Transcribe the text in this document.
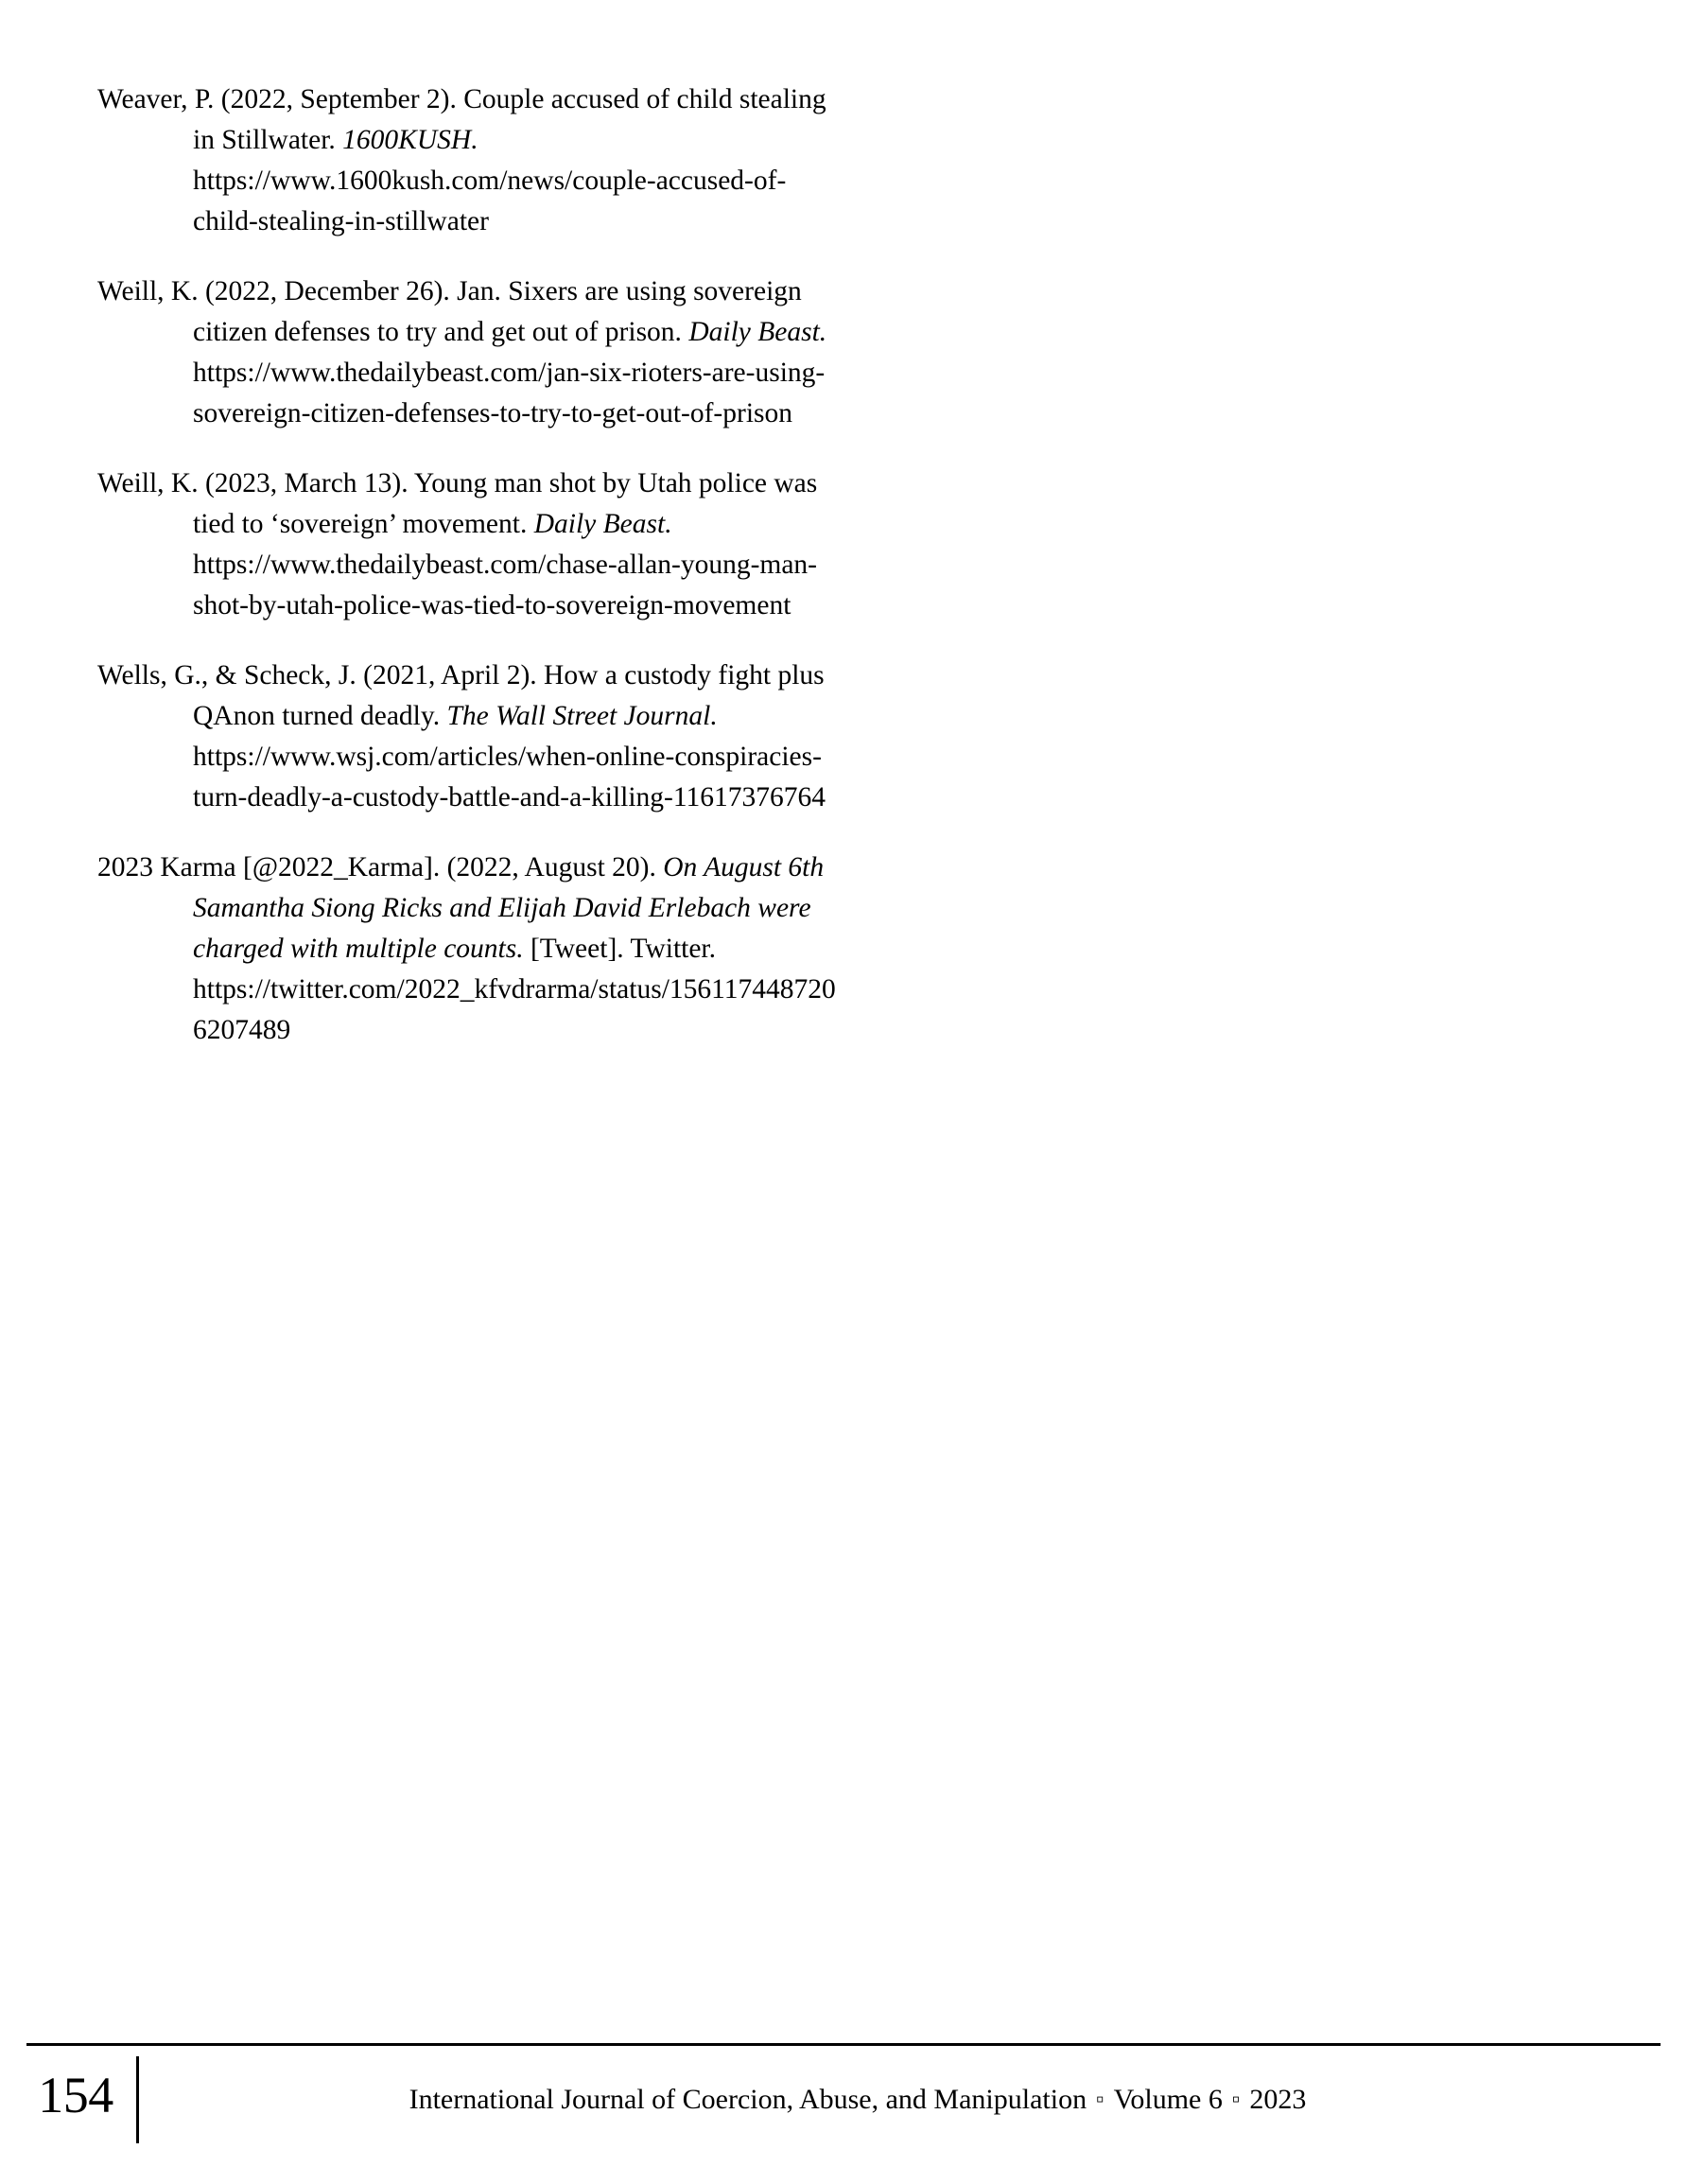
Weaver, P. (2022, September 2). Couple accused of child stealing in Stillwater. 1600KUSH. https://www.1600kush.com/news/couple-accused-of-child-stealing-in-stillwater
Weill, K. (2022, December 26). Jan. Sixers are using sovereign citizen defenses to try and get out of prison. Daily Beast. https://www.thedailybeast.com/jan-six-rioters-are-using-sovereign-citizen-defenses-to-try-to-get-out-of-prison
Weill, K. (2023, March 13). Young man shot by Utah police was tied to ‘sovereign’ movement. Daily Beast. https://www.thedailybeast.com/chase-allan-young-man-shot-by-utah-police-was-tied-to-sovereign-movement
Wells, G., & Scheck, J. (2021, April 2). How a custody fight plus QAnon turned deadly. The Wall Street Journal. https://www.wsj.com/articles/when-online-conspiracies-turn-deadly-a-custody-battle-and-a-killing-11617376764
2023 Karma [@2022_Karma]. (2022, August 20). On August 6th Samantha Siong Ricks and Elijah David Erlebach were charged with multiple counts. [Tweet]. Twitter. https://twitter.com/2022_kfvdrarma/status/1561174487206207489
154	International Journal of Coercion, Abuse, and Manipulation ▫ Volume 6 ▫ 2023
